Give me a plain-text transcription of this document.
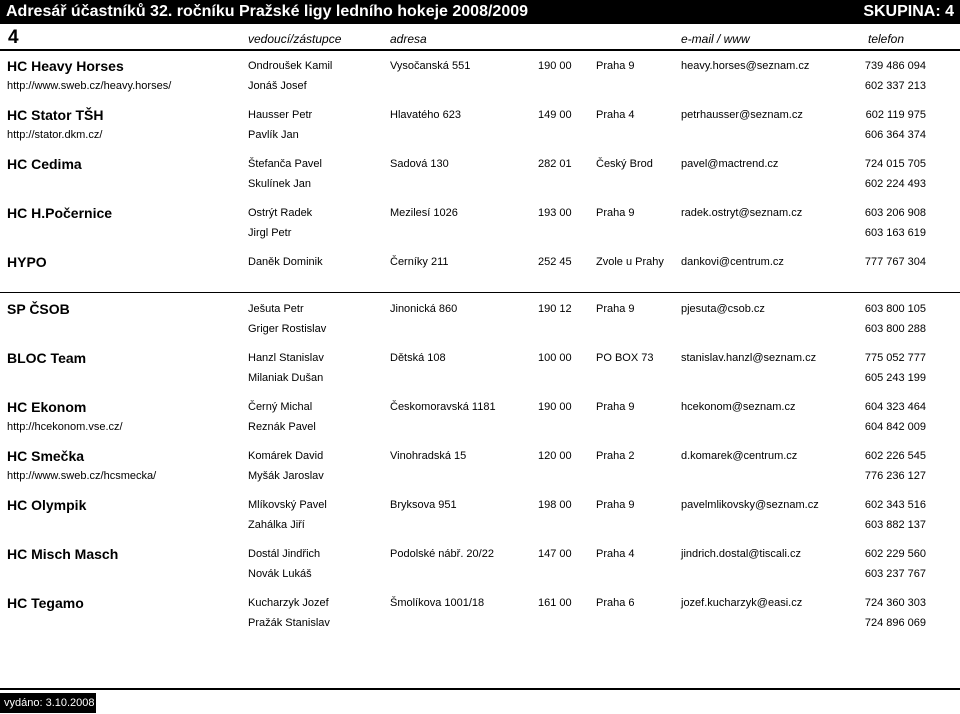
Adresář účastníků 32. ročníku Pražské ligy ledního hokeje 2008/2009	SKUPINA: 4
4	vedoucí/zástupce	adresa	e-mail / www	telefon
HC Heavy Horses
http://www.sweb.cz/heavy.horses/
Ondroušek Kamil	Vysočanská 551	190 00 Praha 9	heavy.horses@seznam.cz	739 486 094
Jonáš Josef	602 337 213
HC Stator TŠH
http://stator.dkm.cz/
Hausser Petr	Hlavatého 623	149 00 Praha 4	petrhausser@seznam.cz	602 119 975
Pavlík Jan	606 364 374
HC Cedima	Štefanča Pavel	Sadová 130	282 01 Český Brod	pavel@mactrend.cz	724 015 705
Skulínek Jan	602 224 493
HC H.Počernice	Ostrýt Radek	Mezilesí 1026	193 00 Praha 9	radek.ostryt@seznam.cz	603 206 908
Jirgl Petr	603 163 619
HYPO	Daněk Dominik	Černíky 211	252 45 Zvole u Prahy dankovi@centrum.cz	777 767 304
SP ČSOB	Ješuta Petr	Jinonická 860	190 12 Praha 9	pjesuta@csob.cz	603 800 105
Griger Rostislav	603 800 288
BLOC Team	Hanzl Stanislav	Dětská 108	100 00 PO BOX 73	stanislav.hanzl@seznam.cz	775 052 777
Milaniak Dušan	605 243 199
HC Ekonom
http://hcekonom.vse.cz/
Černý Michal	Českomoravská 1181	190 00 Praha 9	hcekonom@seznam.cz	604 323 464
Reznák Pavel	604 842 009
HC Smečka
http://www.sweb.cz/hcsmecka/
Komárek David	Vinohradská 15	120 00 Praha 2	d.komarek@centrum.cz	602 226 545
Myšák Jaroslav	776 236 127
HC Olympik	Mlíkovský Pavel	Bryksova 951	198 00 Praha 9	pavelmlikovsky@seznam.cz	602 343 516
Zahálka Jiří	603 882 137
HC Misch Masch	Dostál Jindřich	Podolské nábř. 20/22	147 00 Praha 4	jindrich.dostal@tiscali.cz	602 229 560
Novák Lukáš	603 237 767
HC Tegamo	Kucharzyk Jozef	Šmolíkova 1001/18	161 00 Praha 6	jozef.kucharzyk@easi.cz	724 360 303
Pražák Stanislav	724 896 069
vydáno: 3.10.2008
